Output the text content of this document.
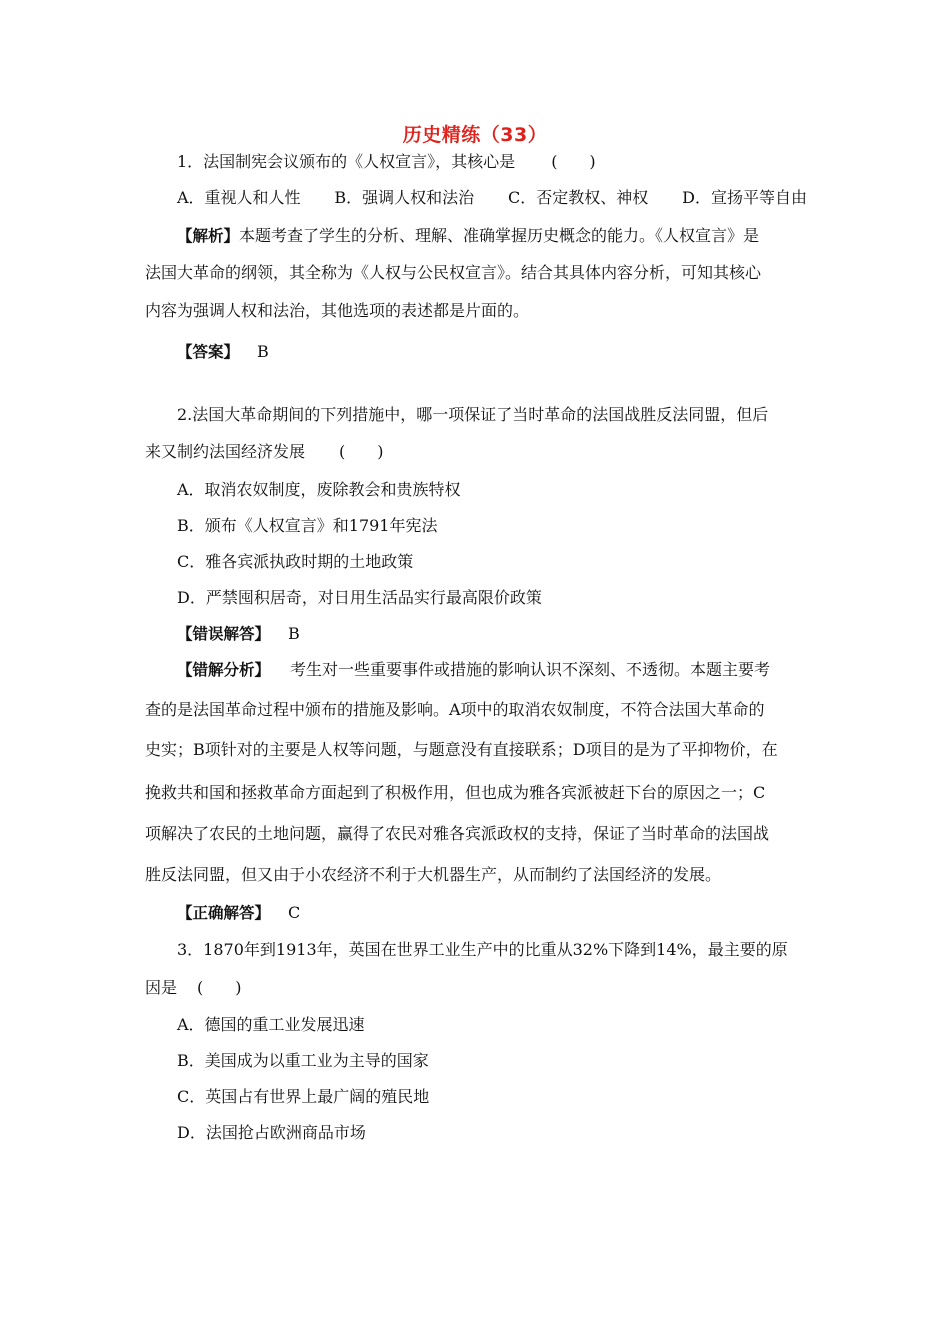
历史精练（33）
1．法国制宪会议颁布的《人权宣言》，其核心是 (　　)
A．重视人和人性 B．强调人权和法治 C．否定教权、神权 D．宣扬平等自由
【解析】本题考查了学生的分析、理解、准确掌握历史概念的能力。《人权宣言》是
法国大革命的纲领，其全称为《人权与公民权宣言》。结合其具体内容分析，可知其核心
内容为强调人权和法治，其他选项的表述都是片面的。
【答案】 B
2.法国大革命期间的下列措施中，哪一项保证了当时革命的法国战胜反法同盟，但后
来又制约法国经济发展 (　　)
A．取消农奴制度，废除教会和贵族特权
B．颁布《人权宣言》和1791年宪法
C．雅各宾派执政时期的土地政策
D．严禁囤积居奇，对日用生活品实行最高限价政策
【错误解答】 B
【错解分析】 考生对一些重要事件或措施的影响认识不深刻、不透彻。本题主要考
查的是法国革命过程中颁布的措施及影响。A项中的取消农奴制度，不符合法国大革命的
史实；B项针对的主要是人权等问题，与题意没有直接联系；D项目的是为了平抑物价，在
挽救共和国和拯救革命方面起到了积极作用，但也成为雅各宾派被赶下台的原因之一；C
项解决了农民的土地问题，赢得了农民对雅各宾派政权的支持，保证了当时革命的法国战
胜反法同盟，但又由于小农经济不利于大机器生产，从而制约了法国经济的发展。
【正确解答】 C
3．1870年到1913年，英国在世界工业生产中的比重从32%下降到14%，最主要的原
因是 (　　)
A．德国的重工业发展迅速
B．美国成为以重工业为主导的国家
C．英国占有世界上最广阔的殖民地
D．法国抢占欧洲商品市场
